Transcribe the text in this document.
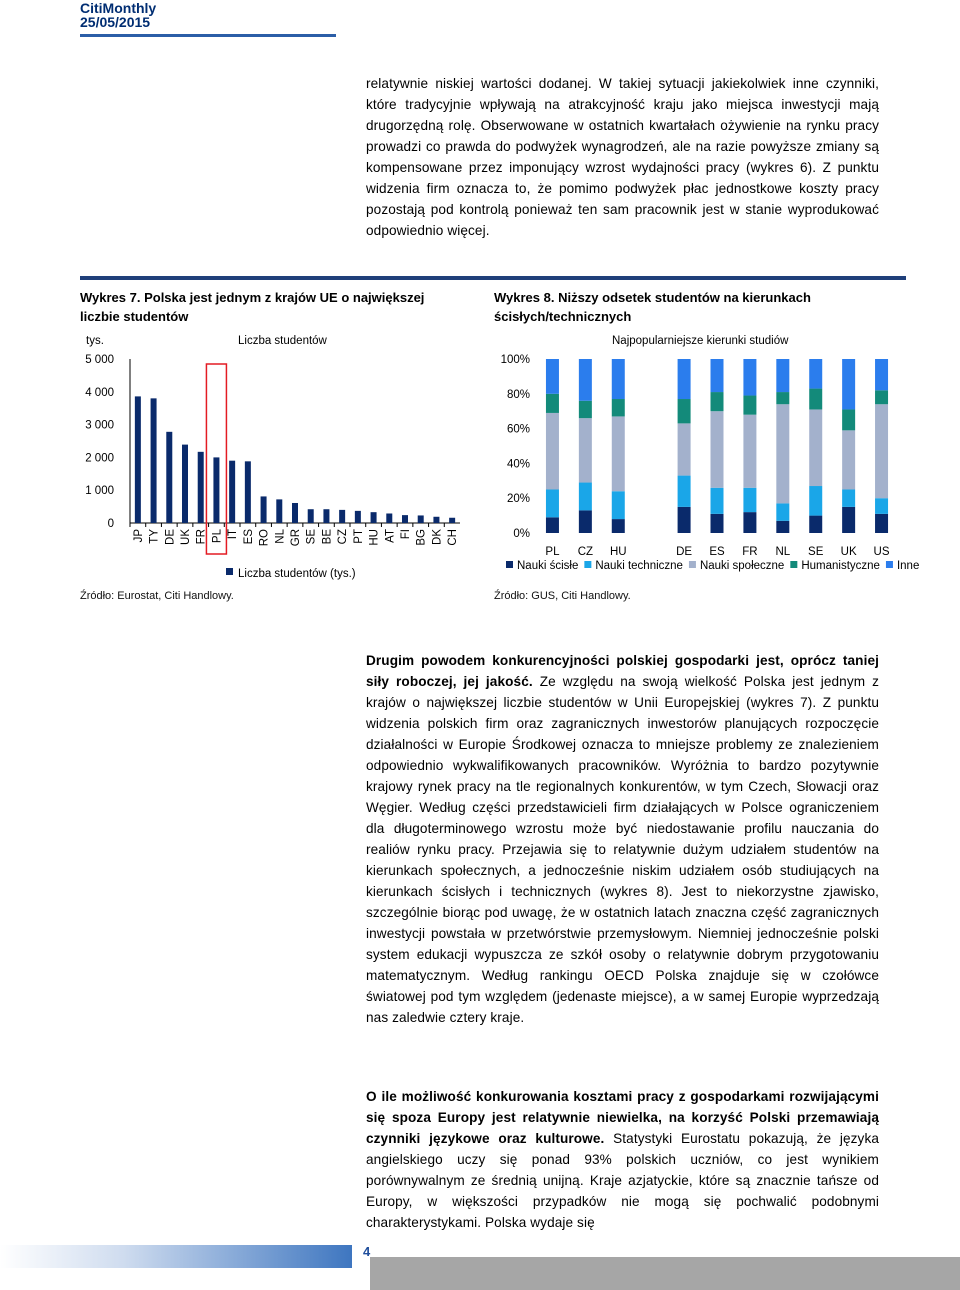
CitiMonthly
25/05/2015
relatywnie niskiej wartości dodanej. W takiej sytuacji jakiekolwiek inne czynniki, które tradycyjnie wpływają na atrakcyjność kraju jako miejsca inwestycji mają drugorzędną rolę. Obserwowane w ostatnich kwartałach ożywienie na rynku pracy prowadzi co prawda do podwyżek wynagrodzeń, ale na razie powyższe zmiany są kompensowane przez imponujący wzrost wydajności pracy (wykres 6). Z punktu widzenia firm oznacza to, że pomimo podwyżek płac jednostkowe koszty pracy pozostają pod kontrolą ponieważ ten sam pracownik jest w stanie wyprodukować odpowiednio więcej.
Wykres 7. Polska jest jednym z krajów UE o największej liczbie studentów
tys.	Liczba studentów
0
1 000
2 000
3 000
4 000
5 000
JP TY DE UK FR PL IT ES RO NL GR SE BE CZ PT HU AT FI BG DK CH
Liczba studentów (tys.)
Źródło: Eurostat, Citi Handlowy.
Wykres 8. Niższy odsetek studentów na kierunkach ścisłych/technicznych
Najpopularniejsze kierunki studiów
0%
20%
40%
60%
80%
100%
PL CZ HU	DE ES FR NL SE UK US
Nauki ścisłe Nauki techniczne Nauki społeczne Humanistyczne Inne
Źródło: GUS, Citi Handlowy.
Drugim powodem konkurencyjności polskiej gospodarki jest, oprócz taniej siły roboczej, jej jakość. Ze względu na swoją wielkość Polska jest jednym z krajów o największej liczbie studentów w Unii Europejskiej (wykres 7). Z punktu widzenia polskich firm oraz zagranicznych inwestorów planujących rozpoczęcie działalności w Europie Środkowej oznacza to mniejsze problemy ze znalezieniem odpowiednio wykwalifikowanych pracowników. Wyróżnia to bardzo pozytywnie krajowy rynek pracy na tle regionalnych konkurentów, w tym Czech, Słowacji oraz Węgier. Według części przedstawicieli firm działających w Polsce ograniczeniem dla długoterminowego wzrostu może być niedostawanie profilu nauczania do realiów rynku pracy. Przejawia się to relatywnie dużym udziałem studentów na kierunkach społecznych, a jednocześnie niskim udziałem osób studiujących na kierunkach ścisłych i technicznych (wykres 8). Jest to niekorzystne zjawisko, szczególnie biorąc pod uwagę, że w ostatnich latach znaczna część zagranicznych inwestycji powstała w przetwórstwie przemysłowym. Niemniej jednocześnie polski system edukacji wypuszcza ze szkół osoby o relatywnie dobrym przygotowaniu matematycznym. Według rankingu OECD Polska znajduje się w czołówce światowej pod tym względem (jedenaste miejsce), a w samej Europie wyprzedzają nas zaledwie cztery kraje.
O ile możliwość konkurowania kosztami pracy z gospodarkami rozwijającymi się spoza Europy jest relatywnie niewielka, na korzyść Polski przemawiają czynniki językowe oraz kulturowe. Statystyki Eurostatu pokazują, że języka angielskiego uczy się ponad 93% polskich uczniów, co jest wynikiem porównywalnym ze średnią unijną. Kraje azjatyckie, które są znacznie tańsze od Europy, w większości przypadków nie mogą się pochwalić podobnymi charakterystykami. Polska wydaje się
4
